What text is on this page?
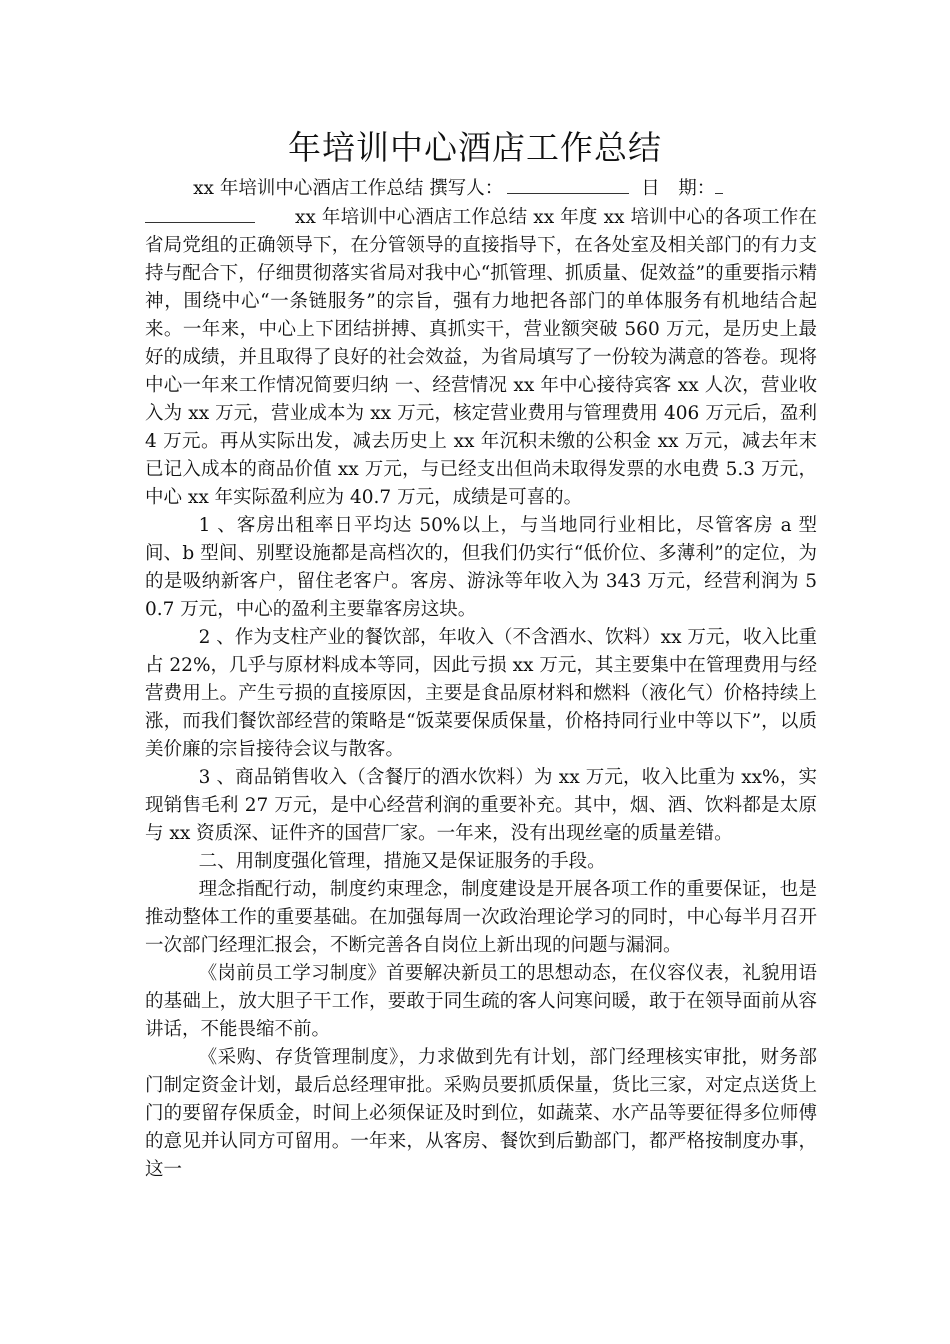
年培训中心酒店工作总结

xx 年培训中心酒店工作总结 撰写人：	日　期：
xx 年培训中心酒店工作总结 xx 年度 xx 培训中心的各项工作在省局党组的正确领导下，在分管领导的直接指导下，在各处室及相关部门的有力支持与配合下，仔细贯彻落实省局对我中心“抓管理、抓质量、促效益”的重要指示精神，围绕中心“一条链服务”的宗旨，强有力地把各部门的单体服务有机地结合起来。一年来，中心上下团结拼搏、真抓实干，营业额突破 560 万元，是历史上最好的成绩，并且取得了良好的社会效益，为省局填写了一份较为满意的答卷。现将中心一年来工作情况简要归纳 一、经营情况 xx 年中心接待宾客 xx 人次，营业收入为 xx 万元，营业成本为 xx 万元，核定营业费用与管理费用 406 万元后，盈利 4 万元。再从实际出发，减去历史上 xx 年沉积未缴的公积金 xx 万元，减去年末已记入成本的商品价值 xx 万元，与已经支出但尚未取得发票的水电费 5.3 万元，中心 xx 年实际盈利应为 40.7 万元，成绩是可喜的。

1 、客房出租率日平均达 50%以上，与当地同行业相比，尽管客房 a 型间、b 型间、别墅设施都是高档次的，但我们仍实行“低价位、多薄利”的定位，为的是吸纳新客户，留住老客户。客房、游泳等年收入为 343 万元，经营利润为 50.7 万元，中心的盈利主要靠客房这块。

2 、作为支柱产业的餐饮部，年收入（不含酒水、饮料）xx 万元，收入比重占 22%，几乎与原材料成本等同，因此亏损 xx 万元，其主要集中在管理费用与经营费用上。产生亏损的直接原因，主要是食品原材料和燃料（液化气）价格持续上涨，而我们餐饮部经营的策略是“饭菜要保质保量，价格持同行业中等以下”，以质美价廉的宗旨接待会议与散客。

3 、商品销售收入（含餐厅的酒水饮料）为 xx 万元，收入比重为 xx%，实现销售毛利 27 万元，是中心经营利润的重要补充。其中，烟、酒、饮料都是太原与 xx 资质深、证件齐的国营厂家。一年来，没有出现丝毫的质量差错。

二、用制度强化管理，措施又是保证服务的手段。

理念指配行动，制度约束理念，制度建设是开展各项工作的重要保证，也是推动整体工作的重要基础。在加强每周一次政治理论学习的同时，中心每半月召开一次部门经理汇报会，不断完善各自岗位上新出现的问题与漏洞。

《岗前员工学习制度》首要解决新员工的思想动态，在仪容仪表，礼貌用语的基础上，放大胆子干工作，要敢于同生疏的客人问寒问暖，敢于在领导面前从容讲话，不能畏缩不前。

《采购、存货管理制度》，力求做到先有计划，部门经理核实审批，财务部门制定资金计划，最后总经理审批。采购员要抓质保量，货比三家，对定点送货上门的要留存保质金，时间上必须保证及时到位，如蔬菜、水产品等要征得多位师傅的意见并认同方可留用。一年来，从客房、餐饮到后勤部门，都严格按制度办事，这一
